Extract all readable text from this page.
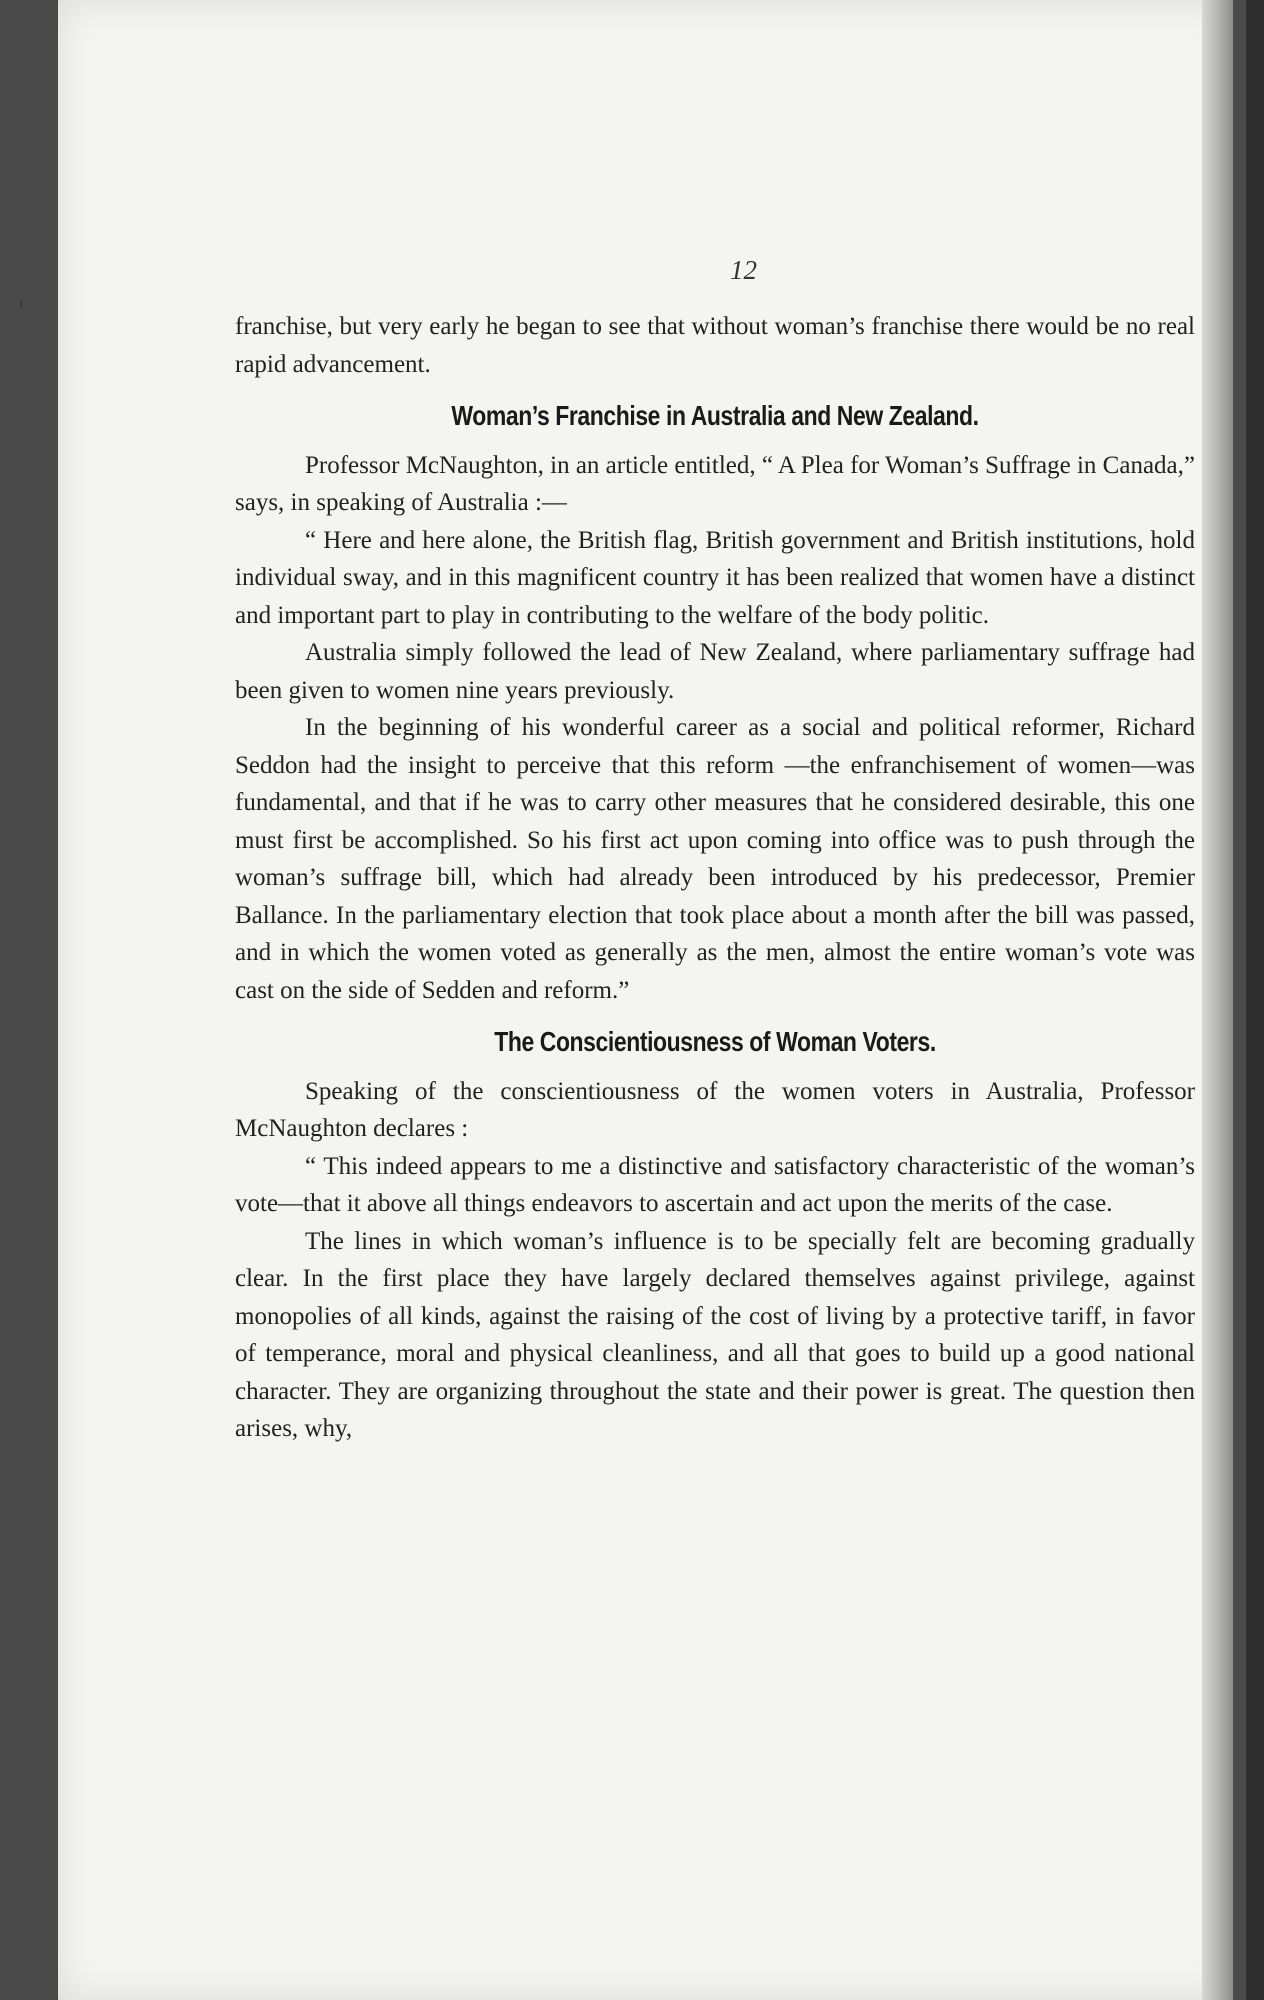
›
12

franchise, but very early he began to see that without woman’s franchise there would be no real rapid advancement.

Woman’s Franchise in Australia and New Zealand.

Professor McNaughton, in an article entitled, “ A Plea for Woman’s Suffrage in Canada,” says, in speaking of Australia :—

“ Here and here alone, the British flag, British government and British institutions, hold individual sway, and in this magnificent country it has been realized that women have a distinct and important part to play in contributing to the welfare of the body politic.

Australia simply followed the lead of New Zealand, where parliamentary suffrage had been given to women nine years previously.

In the beginning of his wonderful career as a social and political reformer, Richard Seddon had the insight to perceive that this reform —the enfranchisement of women—was fundamental, and that if he was to carry other measures that he considered desirable, this one must first be accomplished. So his first act upon coming into office was to push through the woman’s suffrage bill, which had already been introduced by his predecessor, Premier Ballance. In the parliamentary election that took place about a month after the bill was passed, and in which the women voted as generally as the men, almost the entire woman’s vote was cast on the side of Sedden and reform.”

The Conscientiousness of Woman Voters.

Speaking of the conscientiousness of the women voters in Australia, Professor McNaughton declares :

“ This indeed appears to me a distinctive and satisfactory characteristic of the woman’s vote—that it above all things endeavors to ascertain and act upon the merits of the case.

The lines in which woman’s influence is to be specially felt are becoming gradually clear. In the first place they have largely declared themselves against privilege, against monopolies of all kinds, against the raising of the cost of living by a protective tariff, in favor of temperance, moral and physical cleanliness, and all that goes to build up a good national character. They are organizing throughout the state and their power is great. The question then arises, why,
